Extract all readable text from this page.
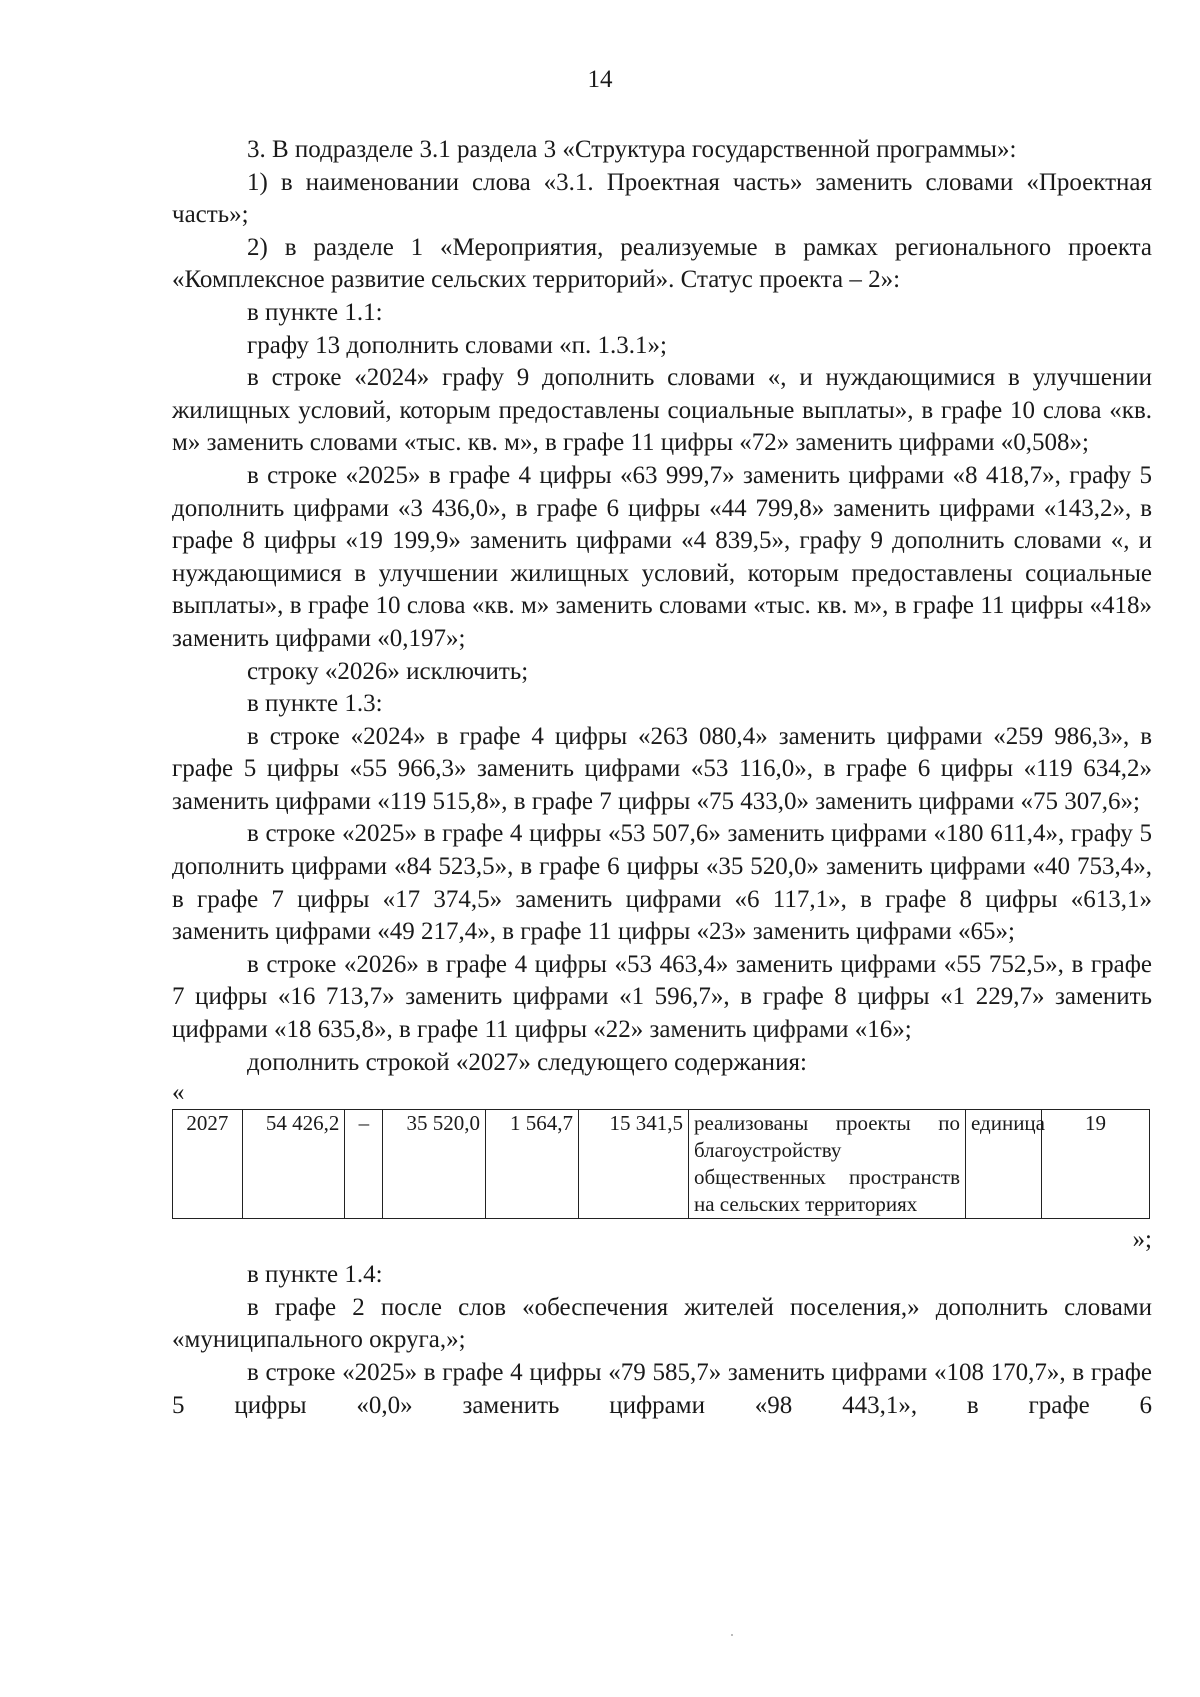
14

3. В подразделе 3.1 раздела 3 «Структура государственной программы»:

1) в наименовании слова «3.1. Проектная часть» заменить словами «Проектная часть»;

2) в разделе 1 «Мероприятия, реализуемые в рамках регионального проекта «Комплексное развитие сельских территорий». Статус проекта – 2»:

в пункте 1.1:

графу 13 дополнить словами «п. 1.3.1»;

в строке «2024» графу 9 дополнить словами «, и нуждающимися в улучшении жилищных условий, которым предоставлены социальные выплаты», в графе 10 слова «кв. м» заменить словами «тыс. кв. м», в графе 11 цифры «72» заменить цифрами «0,508»;

в строке «2025» в графе 4 цифры «63 999,7» заменить цифрами «8 418,7», графу 5 дополнить цифрами «3 436,0», в графе 6 цифры «44 799,8» заменить цифрами «143,2», в графе 8 цифры «19 199,9» заменить цифрами «4 839,5», графу 9 дополнить словами «, и нуждающимися в улучшении жилищных условий, которым предоставлены социальные выплаты», в графе 10 слова «кв. м» заменить словами «тыс. кв. м», в графе 11 цифры «418» заменить цифрами «0,197»;

строку «2026» исключить;

в пункте 1.3:

в строке «2024» в графе 4 цифры «263 080,4» заменить цифрами «259 986,3», в графе 5 цифры «55 966,3» заменить цифрами «53 116,0», в графе 6 цифры «119 634,2» заменить цифрами «119 515,8», в графе 7 цифры «75 433,0» заменить цифрами «75 307,6»;

в строке «2025» в графе 4 цифры «53 507,6» заменить цифрами «180 611,4», графу 5 дополнить цифрами «84 523,5», в графе 6 цифры «35 520,0» заменить цифрами «40 753,4», в графе 7 цифры «17 374,5» заменить цифрами «6 117,1», в графе 8 цифры «613,1» заменить цифрами «49 217,4», в графе 11 цифры «23» заменить цифрами «65»;

в строке «2026» в графе 4 цифры «53 463,4» заменить цифрами «55 752,5», в графе 7 цифры «16 713,7» заменить цифрами «1 596,7», в графе 8 цифры «1 229,7» заменить цифрами «18 635,8», в графе 11 цифры «22» заменить цифрами «16»;

дополнить строкой «2027» следующего содержания:

«
2027	54 426,2	–	35 520,0	1 564,7	15 341,5	реализованы проекты по благоустройству общественных пространств на сельских территориях	единица	19
»;

в пункте 1.4:

в графе 2 после слов «обеспечения жителей поселения,» дополнить словами «муниципального округа,»;

в строке «2025» в графе 4 цифры «79 585,7» заменить цифрами «108 170,7», в графе 5 цифры «0,0» заменить цифрами «98 443,1», в графе 6
